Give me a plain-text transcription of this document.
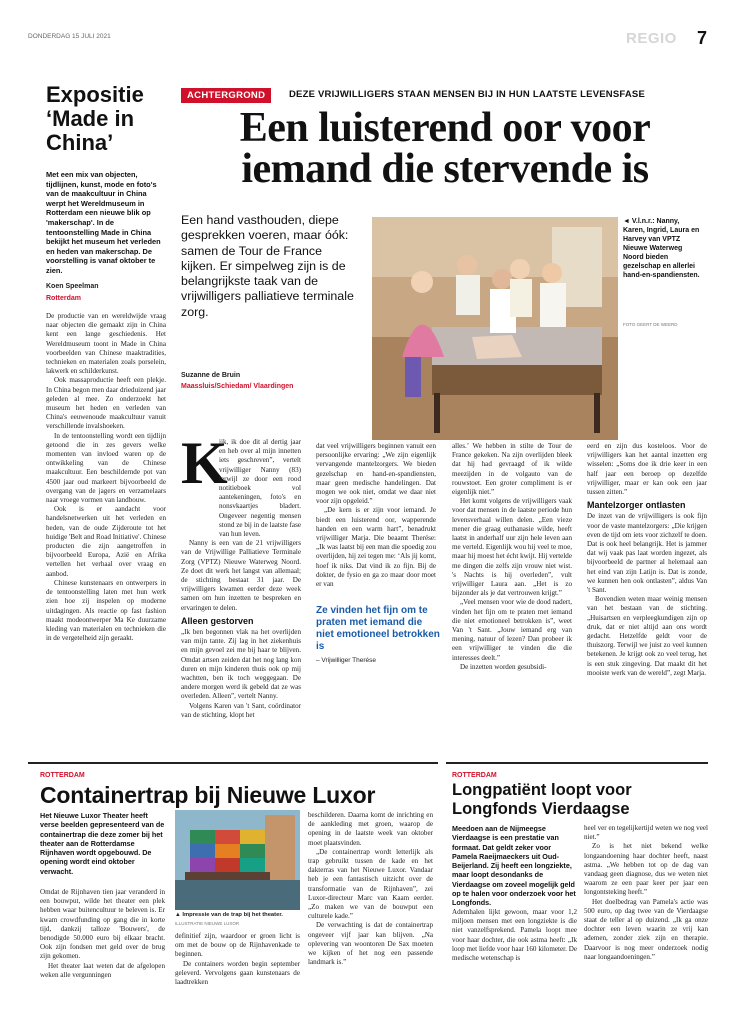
DONDERDAG 15 JULI 2021	REGIO 7
Expositie ‘Made in China’
Met een mix van objecten, tijdlijnen, kunst, mode en foto's van de maakcultuur in China werpt het Wereldmuseum in Rotterdam een nieuwe blik op 'makerschap'. In de tentoonstelling Made in China bekijkt het museum het verleden en heden van makerschap. De voorstelling is vanaf oktober te zien.
Koen Speelman
Rotterdam

De productie van en wereldwijde vraag naar objecten die gemaakt zijn in China kent een lange geschiedenis. Het Wereldmuseum toont in Made in China voorbeelden van Chinese maaktradities, technieken en materialen zoals porselein, lakwerk en schilderkunst.

Ook massaproductie heeft een plekje. In China begon men daar drieduizend jaar geleden al mee. Zo onderzoekt het museum het heden en verleden van China's eeuwenoude maakcultuur vanuit verschillende invalshoeken.

In de tentoonstelling wordt een tijdlijn getoond die in zes gevers welke momenten van invloed waren op de ontwikkeling van de Chinese maakcultuur. Een beschildernde pot van 4500 jaar oud markeert bijvoorbeeld de overgang van de jagers en verzamelaars naar vroege vormen van landbouw.

Ook is er aandacht voor handelsnetwerken uit het verleden en heden, van de oude Zijderoute tot het huidige 'Belt and Road Initiative'. Chinese producten die zijn aangetroffen in bijvoorbeeld Europa, Azië en Afrika vertellen het verhaal over vraag en aanbod.

Chinese kunstenaars en ontwerpers in de tentoonstelling laten met hun werk zien hoe zij inspelen op moderne uitdagingen. Als reactie op fast fashion maakt modeontwerper Ma Ke duurzame kleding van materialen en technieken die in de vergetelheid zijn geraakt.

ACHTERGROND	DEZE VRIJWILLIGERS STAAN MENSEN BIJ IN HUN LAATSTE LEVENSFASE
Een luisterend oor voor
iemand die stervende is
Een hand vasthouden, diepe gesprekken voeren, maar óók: samen de Tour de France kijken. Er simpelweg zijn is de belangrijkste taak van de vrijwilligers palliatieve terminale zorg.
Suzanne de Bruin
Maassluis/Schiedam/ Vlaardingen
◄ V.l.n.r.: Nanny, Karen, Ingrid, Laura en Harvey van VPTZ Nieuwe Waterweg Noord bieden gezelschap en allerlei hand-en-spandiensten.
FOTO GEERT DE WEERD
K

ijk, ik doe dit al dertig jaar en heb over al mijn innetten iets geschreven”, vertelt vrijwilliger Nanny (83) terwijl ze door een rood notitieboek vol aantekeningen, foto's en nonsvkaartjes bladert. Ongeveer negentig mensen stond ze bij in de laatste fase van hun leven.

Nanny is een van de 21 vrijwilligers van de Vrijwillige Palliatieve Terminale Zorg (VPTZ) Nieuwe Waterweg Noord. Ze doet dit werk het langst van allemaal; de stichting bestaat 31 jaar. De vrijwilligers kwamen eerder deze week samen om hun inzetten te bespreken en ervaringen te delen.

Alleen gestorven

„Ik ben begonnen vlak na het overlijden van mijn tante. Zij lag in het ziekenhuis en mijn gevoel zei me bij haar te blijven. Omdat artsen zeiden dat het nog lang kon duren en mijn kinderen thuis ook op mij wachtten, ben ik toch weggegaan. De andere morgen werd ik gebeld dat ze was overleden. Alleen”, vertelt Nanny.

Volgens Karen van 't Sant, coördinator van de stichting, klopt het

dat veel vrijwilligers beginnen vanuit een persoonlijke ervaring: „We zijn eigenlijk vervangende mantelzorgers. We bieden gezelschap en hand-en-spandiensten, maar geen medische handelingen. Dat mogen we ook niet, omdat we daar niet voor zijn opgeleid.”

„De kern is er zijn voor iemand. Je biedt een luisterend oor, wapperende handen en een warm hart”, benadrukt vrijwilliger Marja. Die beaamt Therése: „Ik was laatst bij een man die spoedig zou overlijden, hij zei tegen me: ‘Als jij komt, hoef ik niks. Dat vind ik zo fijn. Bij de dokter, de fysio en ga zo maar door moet er van

Ze vinden het fijn om te praten met iemand die niet emotioneel betrokken is
– Vrijwilliger Therése

alles.’ We hebben in stilte de Tour de France gekeken. Na zijn overlijden bleek dat hij had gevraagd of ik wilde meezijden in de volgauto van de rouwstoet. Een groter compliment is er eigenlijk niet.”

Het komt volgens de vrijwilligers vaak voor dat mensen in de laatste periode hun levensverhaal willen delen. „Een vieze mener die graag euthanasie wilde, heeft laatst in anderhalf uur zijn hele leven aan me verteld. Eigenlijk wou hij veel te moe, maar hij moest het écht kwijt. Hij vertelde me dingen die zelfs zijn vrouw niet wist. 's Nachts is hij overleden”, vult vrijwilliger Laura aan. „Het is zo bijzonder als je dat vertrouwen krijgt.”

„Veel mensen voor wie de dood nadert, vinden het fijn om te praten met iemand die niet emotioneel betrokken is”, weet Van 't Sant. „Jouw iemand erg van mening, natuur of lezen? Dan probeer ik een vrijwilliger te vinden die die interesses deelt.”

De inzetten worden gesubsidi-

eerd en zijn dus kosteloos. Voor de vrijwilligers kan het aantal inzetten erg wisselen: „Soms doe ik drie keer in een half jaar een beroep op dezelfde vrijwilliger, maar er kan ook een jaar tussen zitten.”

Mantelzorger ontlasten

De inzet van de vrijwilligers is ook fijn voor de vaste mantelzorgers: „Die krijgen even de tijd om iets voor zichzelf te doen. Dat is ook heel belangrijk. Het is jammer dat wij vaak pas laat worden ingezet, als bijvoorbeeld de partner al helemaal aan het eind van zijn Latijn is. Dat is zonde, we kunnen hen ook ontlasten”, aldus Van 't Sant.

Bovendien weten maar weinig mensen van het bestaan van de stichting. „Huisartsen en verpleegkundigen zijn op druk, dat er niet altijd aan ons wordt gedacht. Hetzelfde geldt voor de thuiszorg. Terwijl we juist zo veel kunnen betekenen. Je krijgt ook zo veel terug, het is een stuk zingeving. Dat maakt dit het mooiste werk van de wereld”, zegt Marja.

ROTTERDAM
Containertrap bij Nieuwe Luxor
Het Nieuwe Luxor Theater heeft verse beelden gepresenteerd van de containertrap die deze zomer bij het theater aan de Rotterdamse Rijnhaven wordt opgebouwd. De opening wordt eind oktober verwacht.

Omdat de Rijnhaven tien jaar veranderd in een bouwput, wilde het theater een plek hebben waar buitencultuur te beleven is. Er kwam crowdfunding op gang die in korte tijd, dankzij talloze 'Bouwers', de benodigde 50.000 euro bij elkaar bracht. Ook zijn fondsen met geld over de brug zijn gekomen.

Het theater laat weten dat de afgelopen weken alle vergunningen

▲ Impressie van de trap bij het theater. ILLUSTRATIE NIEUWE LUXOR

definitief zijn, waardoor er groen licht is om met de bouw op de Rijnhavenkade te beginnen.

De containers worden begin september geleverd. Vervolgens gaan kunstenaars de laadtrekken

beschilderen. Daarna komt de inrichting en de aankleding met groen, waarop de opening in de laatste week van oktober moet plaatsvinden.

„De containertrap wordt letterlijk als trap gebruikt tussen de kade en het dakterras van het Nieuwe Luxor. Vandaar heb je een fantastisch uitzicht over de transformatie van de Rijnhaven”, zei Luxor-directeur Marc van Kaam eerder. „Zo maken we van de bouwput een culturele kade.”

De verwachting is dat de containertrap ongeveer vijf jaar kan blijven. „Na oplevering van woontoren De Sax moeten we kijken of het nog een passende landmark is.”

ROTTERDAM
Longpatiënt loopt voor Longfonds Vierdaagse
Meedoen aan de Nijmeegse Vierdaagse is een prestatie van formaat. Dat geldt zeker voor Pamela Raeijmaeckers uit Oud-Beijerland. Zij heeft een longziekte, maar loopt desondanks de Vierdaagse om zoveel mogelijk geld op te halen voor onderzoek voor het Longfonds.

Ademhalen lijkt gewoon, maar voor 1,2 miljoen mensen met een longziekte is die niet vanzelfsprekend. Pamela loopt mee voor haar dochter, die ook astma heeft: „Ik loop met liefde voor haar 160 kilometer. De medische wetenschap is

heel ver en tegelijkertijd weten we nog veel niet.”

Zo is het niet bekend welke longaandoening haar dochter heeft, naast astma. „We hebben tot op de dag van vandaag geen diagnose, dus we weten niet waarom ze een paar keer per jaar een longontsteking heeft.”

Het doelbedrag van Pamela's actie was 500 euro, op dag twee van de Vierdaagse staat de teller al op duizend. „Ik ga onze dochter een leven waarin ze vrij kan ademen, zonder ziek zijn en therapie. Daarvoor is nog meer onderzoek nodig naar longaandoeningen.”
